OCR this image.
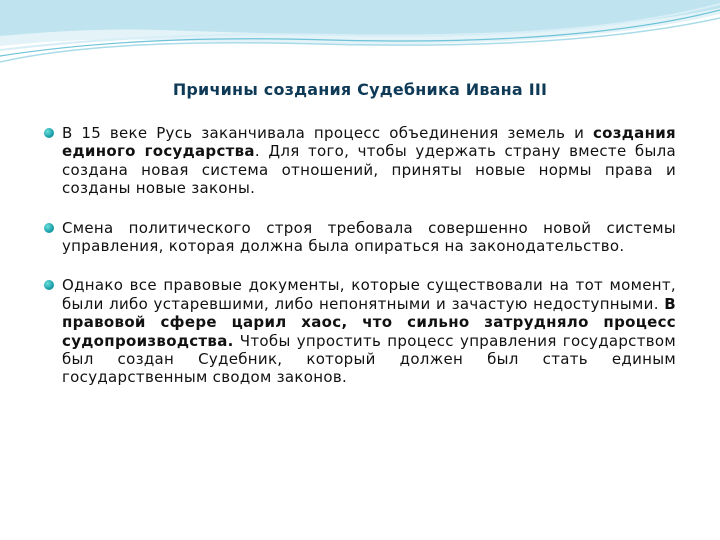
Причины создания Судебника Ивана III
В 15 веке Русь заканчивала процесс объединения земель и создания единого государства. Для того, чтобы удержать страну вместе была создана новая система отношений, приняты новые нормы права и созданы новые законы.
Смена политического строя требовала совершенно новой системы управления, которая должна была опираться на законодательство.
Однако все правовые документы, которые существовали на тот момент, были либо устаревшими, либо непонятными и зачастую недоступными. В правовой сфере царил хаос, что сильно затрудняло процесс судопроизводства. Чтобы упростить процесс управления государством был создан Судебник, который должен был стать единым государственным сводом законов.
